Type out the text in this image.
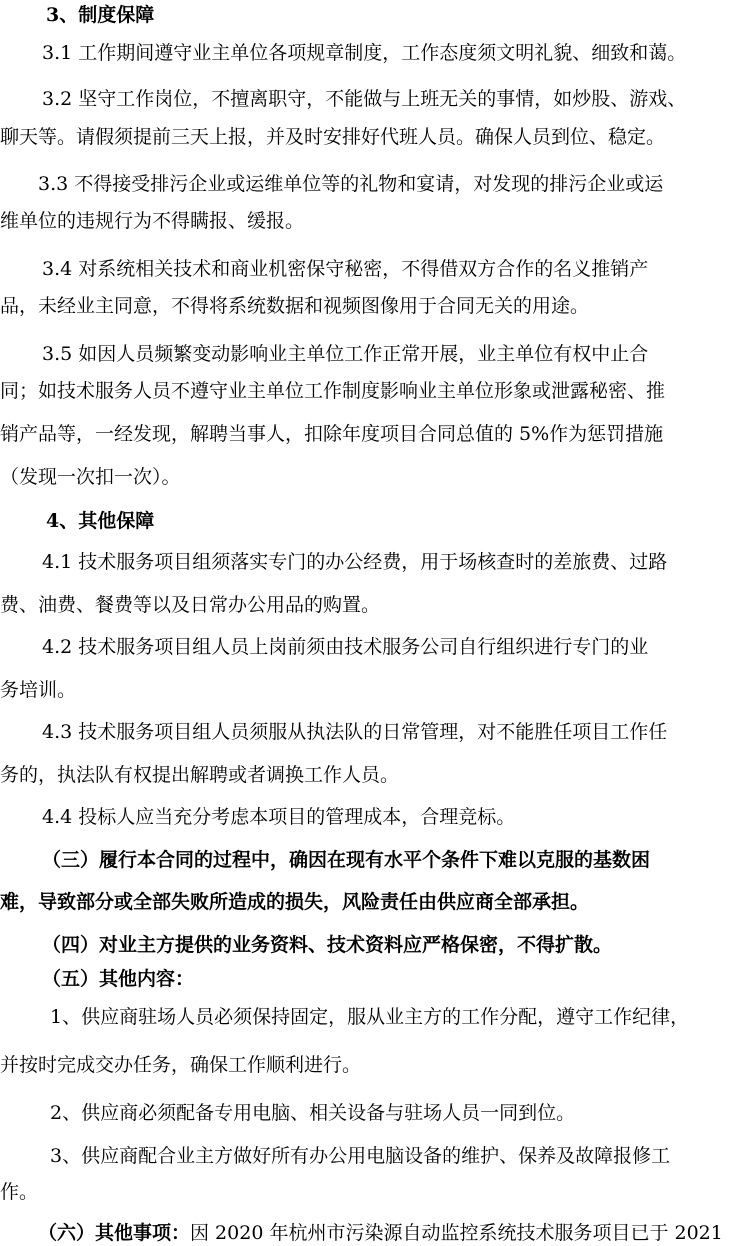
3、制度保障
3.1 工作期间遵守业主单位各项规章制度，工作态度须文明礼貌、细致和蔼。
3.2 坚守工作岗位，不擅离职守，不能做与上班无关的事情，如炒股、游戏、
聊天等。请假须提前三天上报，并及时安排好代班人员。确保人员到位、稳定。
3.3 不得接受排污企业或运维单位等的礼物和宴请，对发现的排污企业或运
维单位的违规行为不得瞒报、缓报。
3.4 对系统相关技术和商业机密保守秘密，不得借双方合作的名义推销产
品，未经业主同意，不得将系统数据和视频图像用于合同无关的用途。
3.5 如因人员频繁变动影响业主单位工作正常开展，业主单位有权中止合
同；如技术服务人员不遵守业主单位工作制度影响业主单位形象或泄露秘密、推
销产品等，一经发现，解聘当事人，扣除年度项目合同总值的 5%作为惩罚措施
（发现一次扣一次）。
4、其他保障
4.1 技术服务项目组须落实专门的办公经费，用于场核查时的差旅费、过路
费、油费、餐费等以及日常办公用品的购置。
4.2 技术服务项目组人员上岗前须由技术服务公司自行组织进行专门的业
务培训。
4.3 技术服务项目组人员须服从执法队的日常管理，对不能胜任项目工作任
务的，执法队有权提出解聘或者调换工作人员。
4.4 投标人应当充分考虑本项目的管理成本，合理竞标。
（三）履行本合同的过程中，确因在现有水平个条件下难以克服的基数困
难，导致部分或全部失败所造成的损失，风险责任由供应商全部承担。
（四）对业主方提供的业务资料、技术资料应严格保密，不得扩散。
（五）其他内容：
1、供应商驻场人员必须保持固定，服从业主方的工作分配，遵守工作纪律，
并按时完成交办任务，确保工作顺利进行。
2、供应商必须配备专用电脑、相关设备与驻场人员一同到位。
3、供应商配合业主方做好所有办公用电脑设备的维护、保养及故障报修工
作。
（六）其他事项：因 2020 年杭州市污染源自动监控系统技术服务项目已于 2021
